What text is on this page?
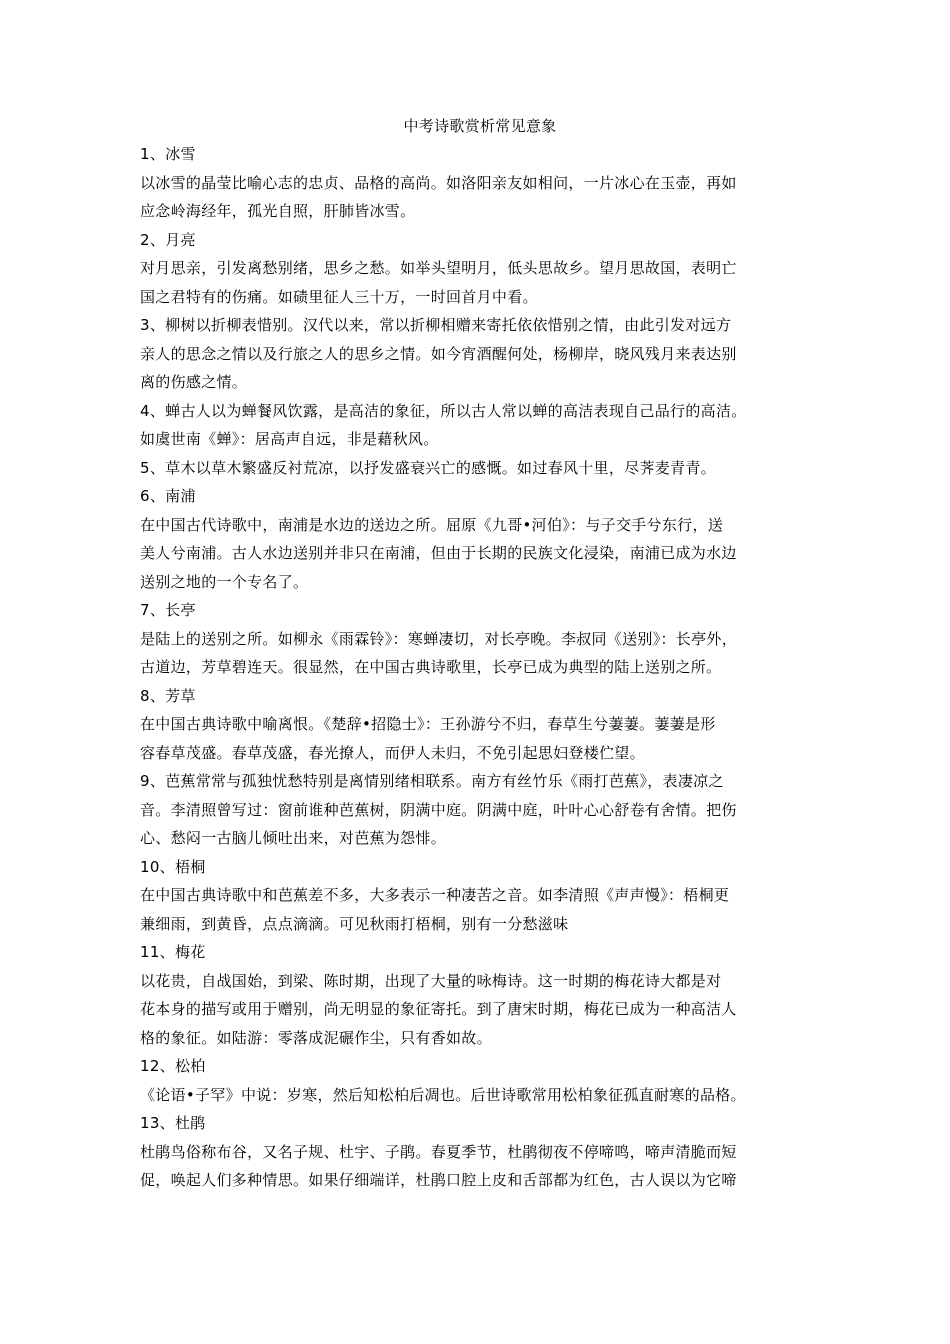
中考诗歌赏析常见意象

1、冰雪

以冰雪的晶莹比喻心志的忠贞、品格的高尚。如洛阳亲友如相问，一片冰心在玉壶，再如

应念岭海经年，孤光自照，肝肺皆冰雪。

2、月亮

对月思亲，引发离愁别绪，思乡之愁。如举头望明月，低头思故乡。望月思故国，表明亡

国之君特有的伤痛。如碛里征人三十万，一时回首月中看。

3、柳树以折柳表惜别。汉代以来，常以折柳相赠来寄托依依惜别之情，由此引发对远方

亲人的思念之情以及行旅之人的思乡之情。如今宵酒醒何处，杨柳岸，晓风残月来表达别

离的伤感之情。

4、蝉古人以为蝉餐风饮露，是高洁的象征，所以古人常以蝉的高洁表现自己品行的高洁。

如虞世南《蝉》：居高声自远，非是藉秋风。

5、草木以草木繁盛反衬荒凉，以抒发盛衰兴亡的感慨。如过春风十里，尽荠麦青青。

6、南浦

在中国古代诗歌中，南浦是水边的送边之所。屈原《九哥•河伯》：与子交手兮东行，送

美人兮南浦。古人水边送别并非只在南浦，但由于长期的民族文化浸染，南浦已成为水边

送别之地的一个专名了。

7、长亭

是陆上的送别之所。如柳永《雨霖铃》：寒蝉凄切，对长亭晚。李叔同《送别》：长亭外，

古道边，芳草碧连天。很显然，在中国古典诗歌里，长亭已成为典型的陆上送别之所。

8、芳草

在中国古典诗歌中喻离恨。《楚辞•招隐士》：王孙游兮不归，春草生兮萋萋。萋萋是形

容春草茂盛。春草茂盛，春光撩人，而伊人未归，不免引起思妇登楼伫望。

9、芭蕉常常与孤独忧愁特别是离情别绪相联系。南方有丝竹乐《雨打芭蕉》，表凄凉之

音。李清照曾写过：窗前谁种芭蕉树，阴满中庭。阴满中庭，叶叶心心舒卷有舍情。把伤

心、愁闷一古脑儿倾吐出来，对芭蕉为怨悱。

10、梧桐

在中国古典诗歌中和芭蕉差不多，大多表示一种凄苦之音。如李清照《声声慢》：梧桐更

兼细雨，到黄昏，点点滴滴。可见秋雨打梧桐，别有一分愁滋味

11、梅花

以花贵，自战国始，到梁、陈时期，出现了大量的咏梅诗。这一时期的梅花诗大都是对

花本身的描写或用于赠别，尚无明显的象征寄托。到了唐宋时期，梅花已成为一种高洁人

格的象征。如陆游：零落成泥碾作尘，只有香如故。

12、松柏

《论语•子罕》中说：岁寒，然后知松柏后凋也。后世诗歌常用松柏象征孤直耐寒的品格。

13、杜鹃

杜鹃鸟俗称布谷，又名子规、杜宇、子鹃。春夏季节，杜鹃彻夜不停啼鸣，啼声清脆而短

促，唤起人们多种情思。如果仔细端详，杜鹃口腔上皮和舌部都为红色，古人误以为它啼
